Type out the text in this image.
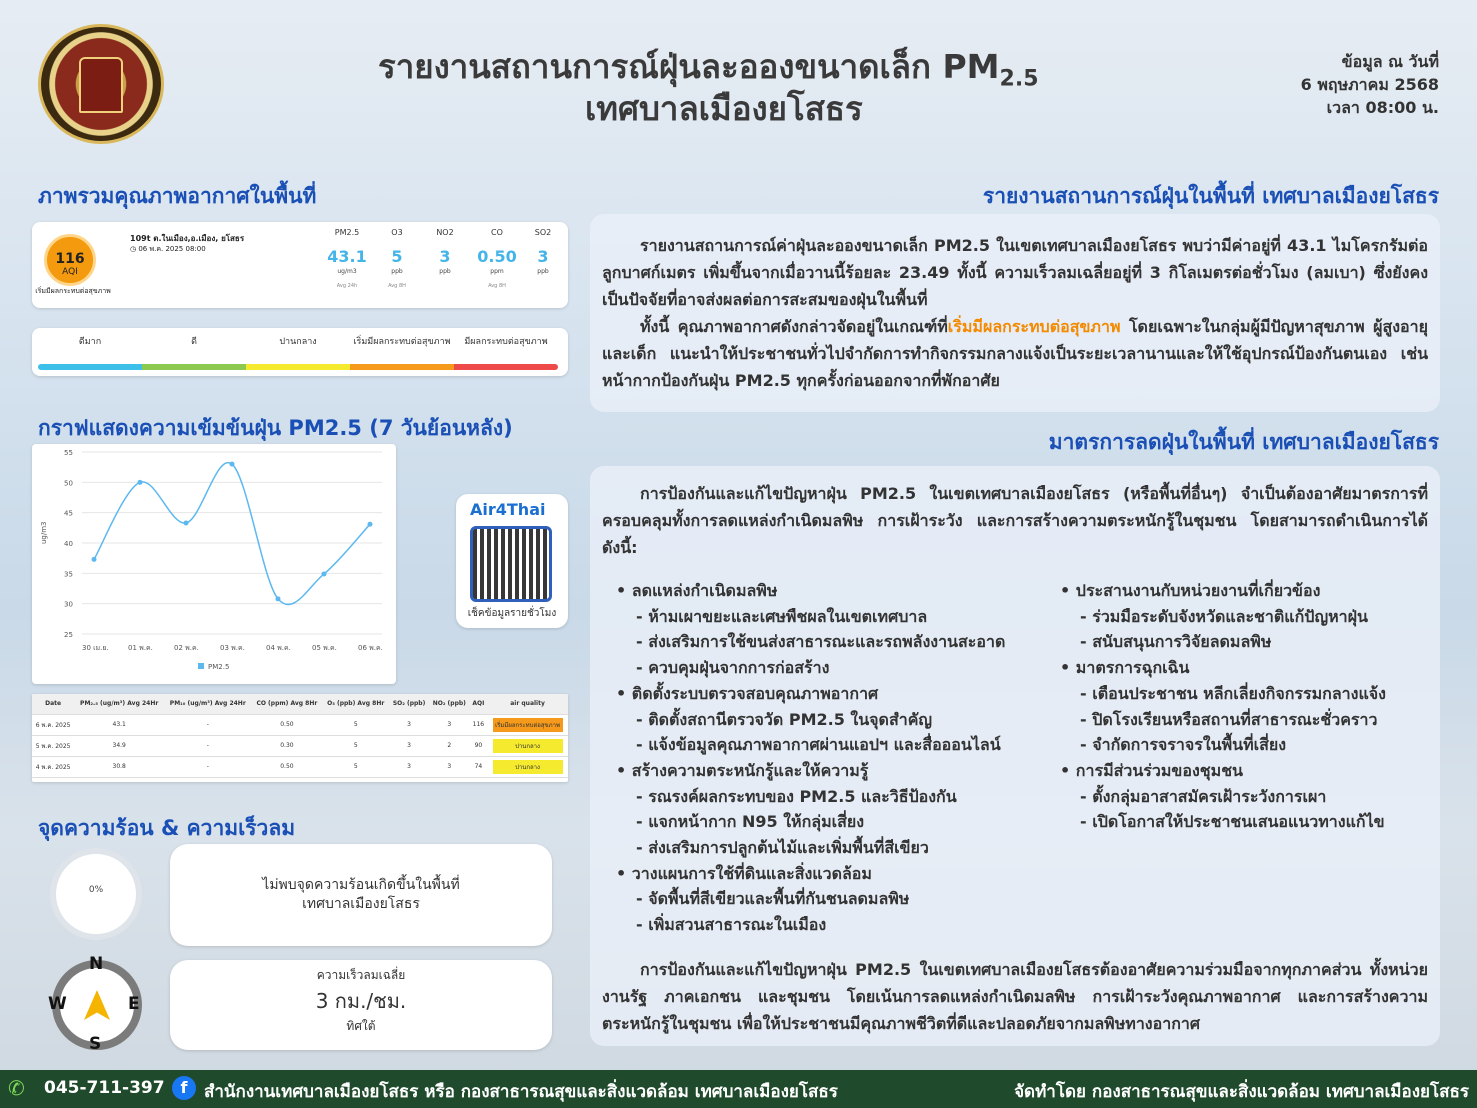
รายงานสถานการณ์ฝุ่นละอองขนาดเล็ก $PM_{2.5}$
เทศบาลเมืองยโสธร
ข้อมูล ณ วันที่
6 พฤษภาคม 2568
เวลา 08:00 น.
ภาพรวมคุณภาพอากาศในพื้นที่
116
AQI
เริ่มมีผลกระทบต่อสุขภาพ
109t ต.ในเมือง,อ.เมือง, ยโสธร
◷ 06 พ.ค. 2025 08:00
PM2.5
43.1
ug/m3
Avg 24h
O3
5
ppb
Avg 8H
NO2
3
ppb
CO
0.50
ppm
Avg 8H
SO2
3
ppb
ดีมาก	ดี	ปานกลาง	เริ่มมีผลกระทบต่อสุขภาพ	มีผลกระทบต่อสุขภาพ
กราฟแสดงความเข้มข้นฝุ่น PM2.5 (7 วันย้อนหลัง)
25
30
35
40
45
50
55
ug/m3
30 เม.ย.	01 พ.ค.	02 พ.ค.	03 พ.ค.	04 พ.ค.	05 พ.ค.	06 พ.ค.
PM2.5
Air4Thai
เช็คข้อมูลรายชั่วโมง
Date	PM₂.₅ (ug/m³) Avg 24Hr	PM₁₀ (ug/m³) Avg 24Hr	CO (ppm) Avg 8Hr	O₃ (ppb) Avg 8Hr	SO₂ (ppb)	NO₂ (ppb)	AQI	air quality
6 พ.ค. 2025	43.1	-	0.50	5	3	3	116	เริ่มมีผลกระทบต่อสุขภาพ
5 พ.ค. 2025	34.9	-	0.30	5	3	2	90	ปานกลาง
4 พ.ค. 2025	30.8	-	0.50	5	3	3	74	ปานกลาง
จุดความร้อน & ความเร็วลม
0%	ไม่พบจุดความร้อนเกิดขึ้นในพื้นที่
เทศบาลเมืองยโสธร
N
S
W	E
ความเร็วลมเฉลี่ย
3 กม./ชม.
ทิศใต้
รายงานสถานการณ์ฝุ่นในพื้นที่ เทศบาลเมืองยโสธร
รายงานสถานการณ์ค่าฝุ่นละอองขนาดเล็ก PM2.5 ในเขตเทศบาลเมืองยโสธร พบว่ามีค่าอยู่ที่ 43.1 ไมโครกรัมต่อลูกบาศก์เมตร เพิ่มขึ้นจากเมื่อวานนี้ร้อยละ 23.49 ทั้งนี้ ความเร็วลมเฉลี่ยอยู่ที่ 3 กิโลเมตรต่อชั่วโมง (ลมเบา) ซึ่งยังคงเป็นปัจจัยที่อาจส่งผลต่อการสะสมของฝุ่นในพื้นที่
ทั้งนี้ คุณภาพอากาศดังกล่าวจัดอยู่ในเกณฑ์ที่เริ่มมีผลกระทบต่อสุขภาพ โดยเฉพาะในกลุ่มผู้มีปัญหาสุขภาพ ผู้สูงอายุ และเด็ก แนะนำให้ประชาชนทั่วไปจำกัดการทำกิจกรรมกลางแจ้งเป็นระยะเวลานานและให้ใช้อุปกรณ์ป้องกันตนเอง เช่น หน้ากากป้องกันฝุ่น PM2.5 ทุกครั้งก่อนออกจากที่พักอาศัย
มาตรการลดฝุ่นในพื้นที่ เทศบาลเมืองยโสธร
การป้องกันและแก้ไขปัญหาฝุ่น PM2.5 ในเขตเทศบาลเมืองยโสธร (หรือพื้นที่อื่นๆ) จำเป็นต้องอาศัยมาตรการที่ครอบคลุมทั้งการลดแหล่งกำเนิดมลพิษ การเฝ้าระวัง และการสร้างความตระหนักรู้ในชุมชน โดยสามารถดำเนินการได้ดังนี้:
• ลดแหล่งกำเนิดมลพิษ
- ห้ามเผาขยะและเศษพืชผลในเขตเทศบาล
- ส่งเสริมการใช้ขนส่งสาธารณะและรถพลังงานสะอาด
- ควบคุมฝุ่นจากการก่อสร้าง
• ติดตั้งระบบตรวจสอบคุณภาพอากาศ
- ติดตั้งสถานีตรวจวัด PM2.5 ในจุดสำคัญ
- แจ้งข้อมูลคุณภาพอากาศผ่านแอปฯ และสื่อออนไลน์
• สร้างความตระหนักรู้และให้ความรู้
- รณรงค์ผลกระทบของ PM2.5 และวิธีป้องกัน
- แจกหน้ากาก N95 ให้กลุ่มเสี่ยง
- ส่งเสริมการปลูกต้นไม้และเพิ่มพื้นที่สีเขียว
• วางแผนการใช้ที่ดินและสิ่งแวดล้อม
- จัดพื้นที่สีเขียวและพื้นที่กันชนลดมลพิษ
- เพิ่มสวนสาธารณะในเมือง
• ประสานงานกับหน่วยงานที่เกี่ยวข้อง
- ร่วมมือระดับจังหวัดและชาติแก้ปัญหาฝุ่น
- สนับสนุนการวิจัยลดมลพิษ
• มาตรการฉุกเฉิน
- เตือนประชาชน หลีกเลี่ยงกิจกรรมกลางแจ้ง
- ปิดโรงเรียนหรือสถานที่สาธารณะชั่วคราว
- จำกัดการจราจรในพื้นที่เสี่ยง
• การมีส่วนร่วมของชุมชน
- ตั้งกลุ่มอาสาสมัครเฝ้าระวังการเผา
- เปิดโอกาสให้ประชาชนเสนอแนวทางแก้ไข
การป้องกันและแก้ไขปัญหาฝุ่น PM2.5 ในเขตเทศบาลเมืองยโสธรต้องอาศัยความร่วมมือจากทุกภาคส่วน ทั้งหน่วยงานรัฐ ภาคเอกชน และชุมชน โดยเน้นการลดแหล่งกำเนิดมลพิษ การเฝ้าระวังคุณภาพอากาศ และการสร้างความตระหนักรู้ในชุมชน เพื่อให้ประชาชนมีคุณภาพชีวิตที่ดีและปลอดภัยจากมลพิษทางอากาศ
✆ 045-711-397 f สำนักงานเทศบาลเมืองยโสธร หรือ กองสาธารณสุขและสิ่งแวดล้อม เทศบาลเมืองยโสธร	จัดทำโดย กองสาธารณสุขและสิ่งแวดล้อม เทศบาลเมืองยโสธร
